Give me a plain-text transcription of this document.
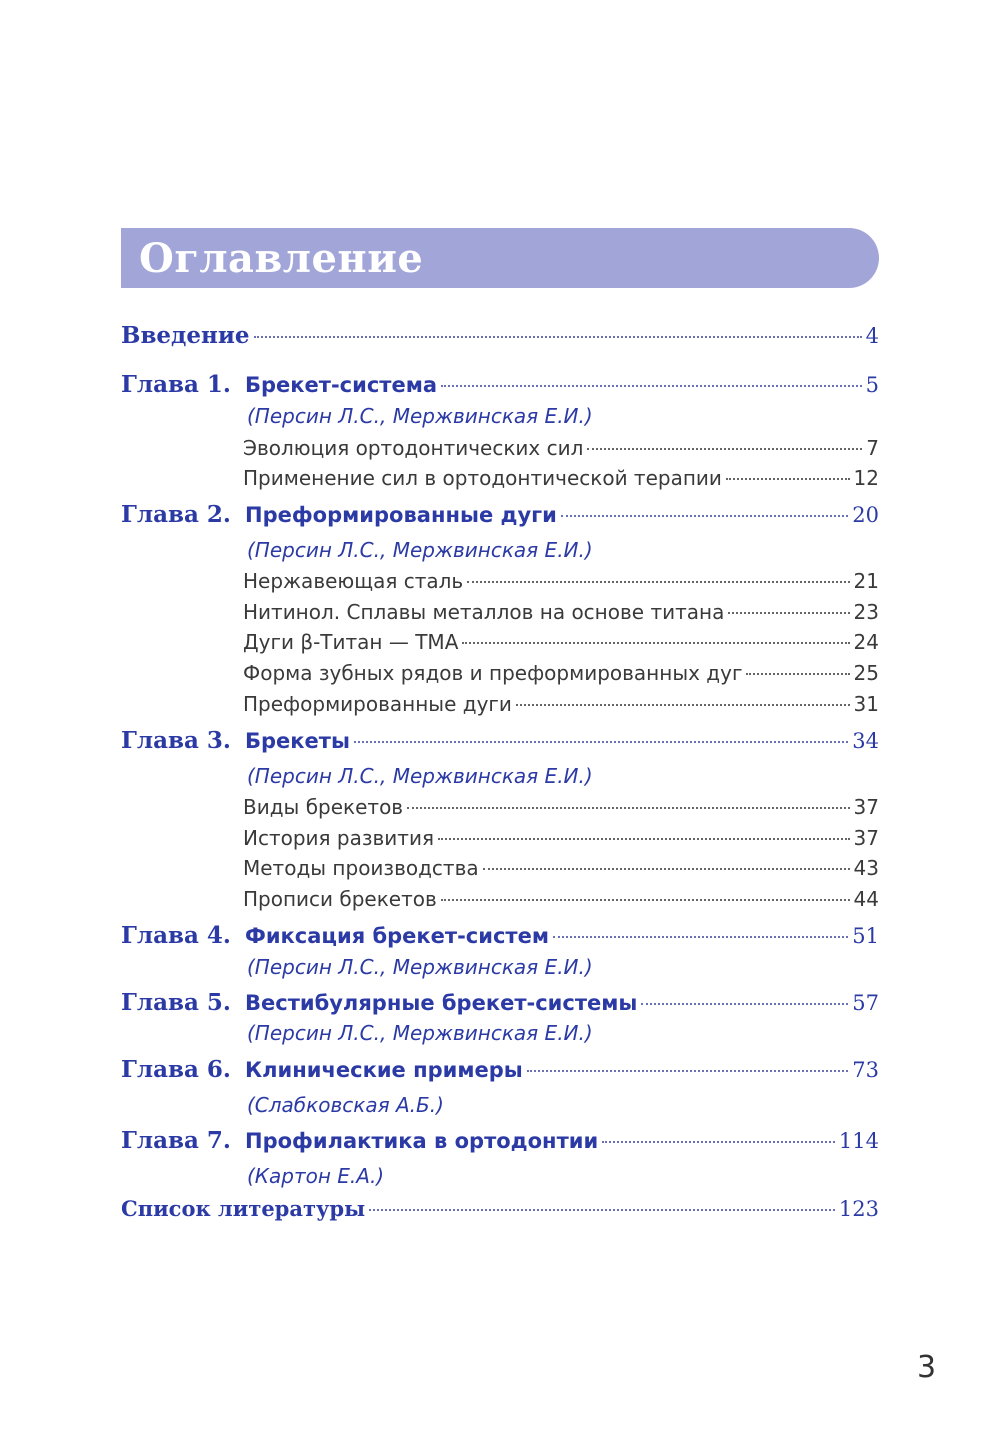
Оглавление
Введение	4
Глава 1. Брекет-система	5
(Персин Л.С., Мержвинская Е.И.)
Эволюция ортодонтических сил	7
Применение сил в ортодонтической терапии	12
Глава 2. Преформированные дуги	20
(Персин Л.С., Мержвинская Е.И.)
Нержавеющая сталь	21
Нитинол. Сплавы металлов на основе титана	23
Дуги β-Титан — ТМА	24
Форма зубных рядов и преформированных дуг	25
Преформированные дуги	31
Глава 3. Брекеты	34
(Персин Л.С., Мержвинская Е.И.)
Виды брекетов	37
История развития	37
Методы производства	43
Прописи брекетов	44
Глава 4. Фиксация брекет-систем	51
(Персин Л.С., Мержвинская Е.И.)
Глава 5. Вестибулярные брекет-системы	57
(Персин Л.С., Мержвинская Е.И.)
Глава 6. Клинические примеры	73
(Слабковская А.Б.)
Глава 7. Профилактика в ортодонтии	114
(Картон Е.А.)
Список литературы	123
3
